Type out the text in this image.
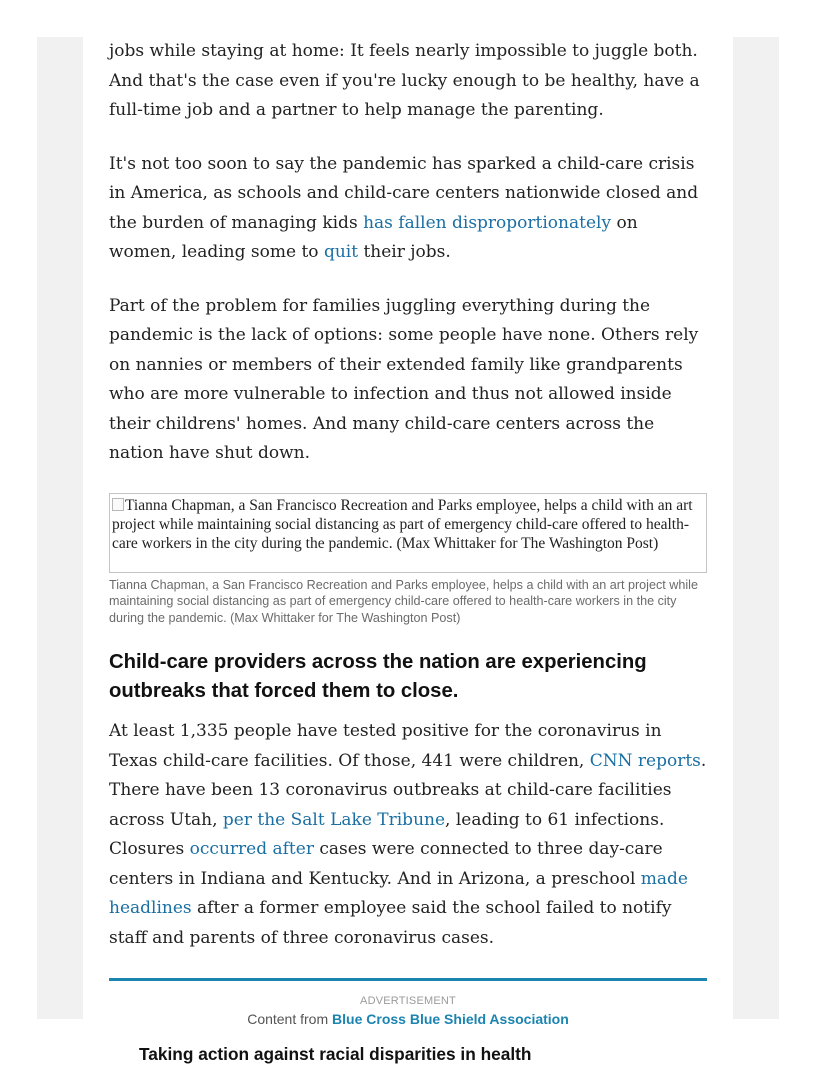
jobs while staying at home: It feels nearly impossible to juggle both. And that's the case even if you're lucky enough to be healthy, have a full-time job and a partner to help manage the parenting.

It's not too soon to say the pandemic has sparked a child-care crisis in America, as schools and child-care centers nationwide closed and the burden of managing kids has fallen disproportionately on women, leading some to quit their jobs.

Part of the problem for families juggling everything during the pandemic is the lack of options: some people have none. Others rely on nannies or members of their extended family like grandparents who are more vulnerable to infection and thus not allowed inside their childrens' homes. And many child-care centers across the nation have shut down.

Tianna Chapman, a San Francisco Recreation and Parks employee, helps a child with an art project while maintaining social distancing as part of emergency child-care offered to health-care workers in the city during the pandemic. (Max Whittaker for The Washington Post)
Tianna Chapman, a San Francisco Recreation and Parks employee, helps a child with an art project while maintaining social distancing as part of emergency child-care offered to health-care workers in the city during the pandemic. (Max Whittaker for The Washington Post)
Child-care providers across the nation are experiencing outbreaks that forced them to close.

At least 1,335 people have tested positive for the coronavirus in Texas child-care facilities. Of those, 441 were children, CNN reports. There have been 13 coronavirus outbreaks at child-care facilities across Utah, per the Salt Lake Tribune, leading to 61 infections. Closures occurred after cases were connected to three day-care centers in Indiana and Kentucky. And in Arizona, a preschool made headlines after a former employee said the school failed to notify staff and parents of three coronavirus cases.

ADVERTISEMENT
Content from Blue Cross Blue Shield Association
Taking action against racial disparities in health
